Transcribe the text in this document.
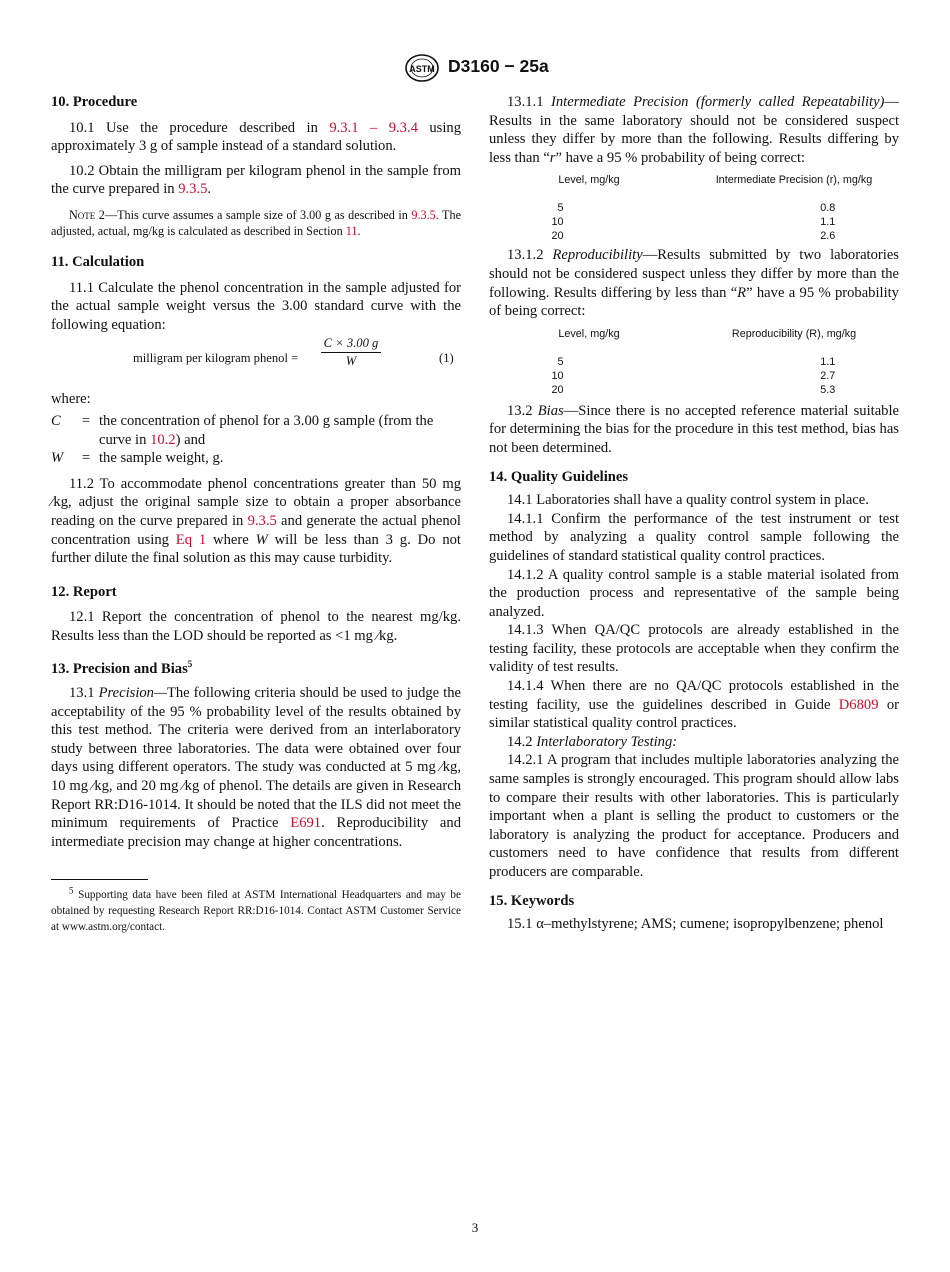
ASTM D3160 − 25a
10. Procedure

10.1 Use the procedure described in 9.3.1 – 9.3.4 using approximately 3 g of sample instead of a standard solution.

10.2 Obtain the milligram per kilogram phenol in the sample from the curve prepared in 9.3.5.

Note 2—This curve assumes a sample size of 3.00 g as described in 9.3.5. The adjusted, actual, mg/kg is calculated as described in Section 11.

11. Calculation

11.1 Calculate the phenol concentration in the sample adjusted for the actual sample weight versus the 3.00 standard curve with the following equation:

milligram per kilogram phenol = $\frac{C \times 3.00 g}{W}$	(1)

where:

C	= the concentration of phenol for a 3.00 g sample (from the curve in 10.2) and
W	= the sample weight, g.

11.2 To accommodate phenol concentrations greater than 50 mg ⁄kg, adjust the original sample size to obtain a proper absorbance reading on the curve prepared in 9.3.5 and generate the actual phenol concentration using Eq 1 where W will be less than 3 g. Do not further dilute the final solution as this may cause turbidity.

12. Report

12.1 Report the concentration of phenol to the nearest mg/kg. Results less than the LOD should be reported as <1 mg ⁄kg.

13. Precision and Bias$^5$

13.1 Precision—The following criteria should be used to judge the acceptability of the 95 % probability level of the results obtained by this test method. The criteria were derived from an interlaboratory study between three laboratories. The data were obtained over four days using different operators. The study was conducted at 5 mg ⁄kg, 10 mg ⁄kg, and 20 mg ⁄kg of phenol. The details are given in Research Report RR:D16-1014. It should be noted that the ILS did not meet the minimum requirements of Practice E691. Reproducibility and intermediate precision may change at higher concentrations.

$^5$ Supporting data have been filed at ASTM International Headquarters and may be obtained by requesting Research Report RR:D16-1014. Contact ASTM Customer Service at www.astm.org/contact.

13.1.1 Intermediate Precision (formerly called Repeatability)—Results in the same laboratory should not be considered suspect unless they differ by more than the following. Results differing by less than “r” have a 95 % probability of being correct:

Level, mg/kg	Intermediate Precision (r), mg/kg
5	0.8
10	1.1
20	2.6

13.1.2 Reproducibility—Results submitted by two laboratories should not be considered suspect unless they differ by more than the following. Results differing by less than “R” have a 95 % probability of being correct:

Level, mg/kg	Reproducibility (R), mg/kg
5	1.1
10	2.7
20	5.3

13.2 Bias—Since there is no accepted reference material suitable for determining the bias for the procedure in this test method, bias has not been determined.

14. Quality Guidelines

14.1 Laboratories shall have a quality control system in place.

14.1.1 Confirm the performance of the test instrument or test method by analyzing a quality control sample following the guidelines of standard statistical quality control practices.

14.1.2 A quality control sample is a stable material isolated from the production process and representative of the sample being analyzed.

14.1.3 When QA/QC protocols are already established in the testing facility, these protocols are acceptable when they confirm the validity of test results.

14.1.4 When there are no QA/QC protocols established in the testing facility, use the guidelines described in Guide D6809 or similar statistical quality control practices.

14.2 Interlaboratory Testing:

14.2.1 A program that includes multiple laboratories analyzing the same samples is strongly encouraged. This program should allow labs to compare their results with other laboratories. This is particularly important when a plant is selling the product to customers or the laboratory is analyzing the product for acceptance. Producers and customers need to have confidence that results from different producers are comparable.

15. Keywords

15.1 α–methylstyrene; AMS; cumene; isopropylbenzene; phenol

3
